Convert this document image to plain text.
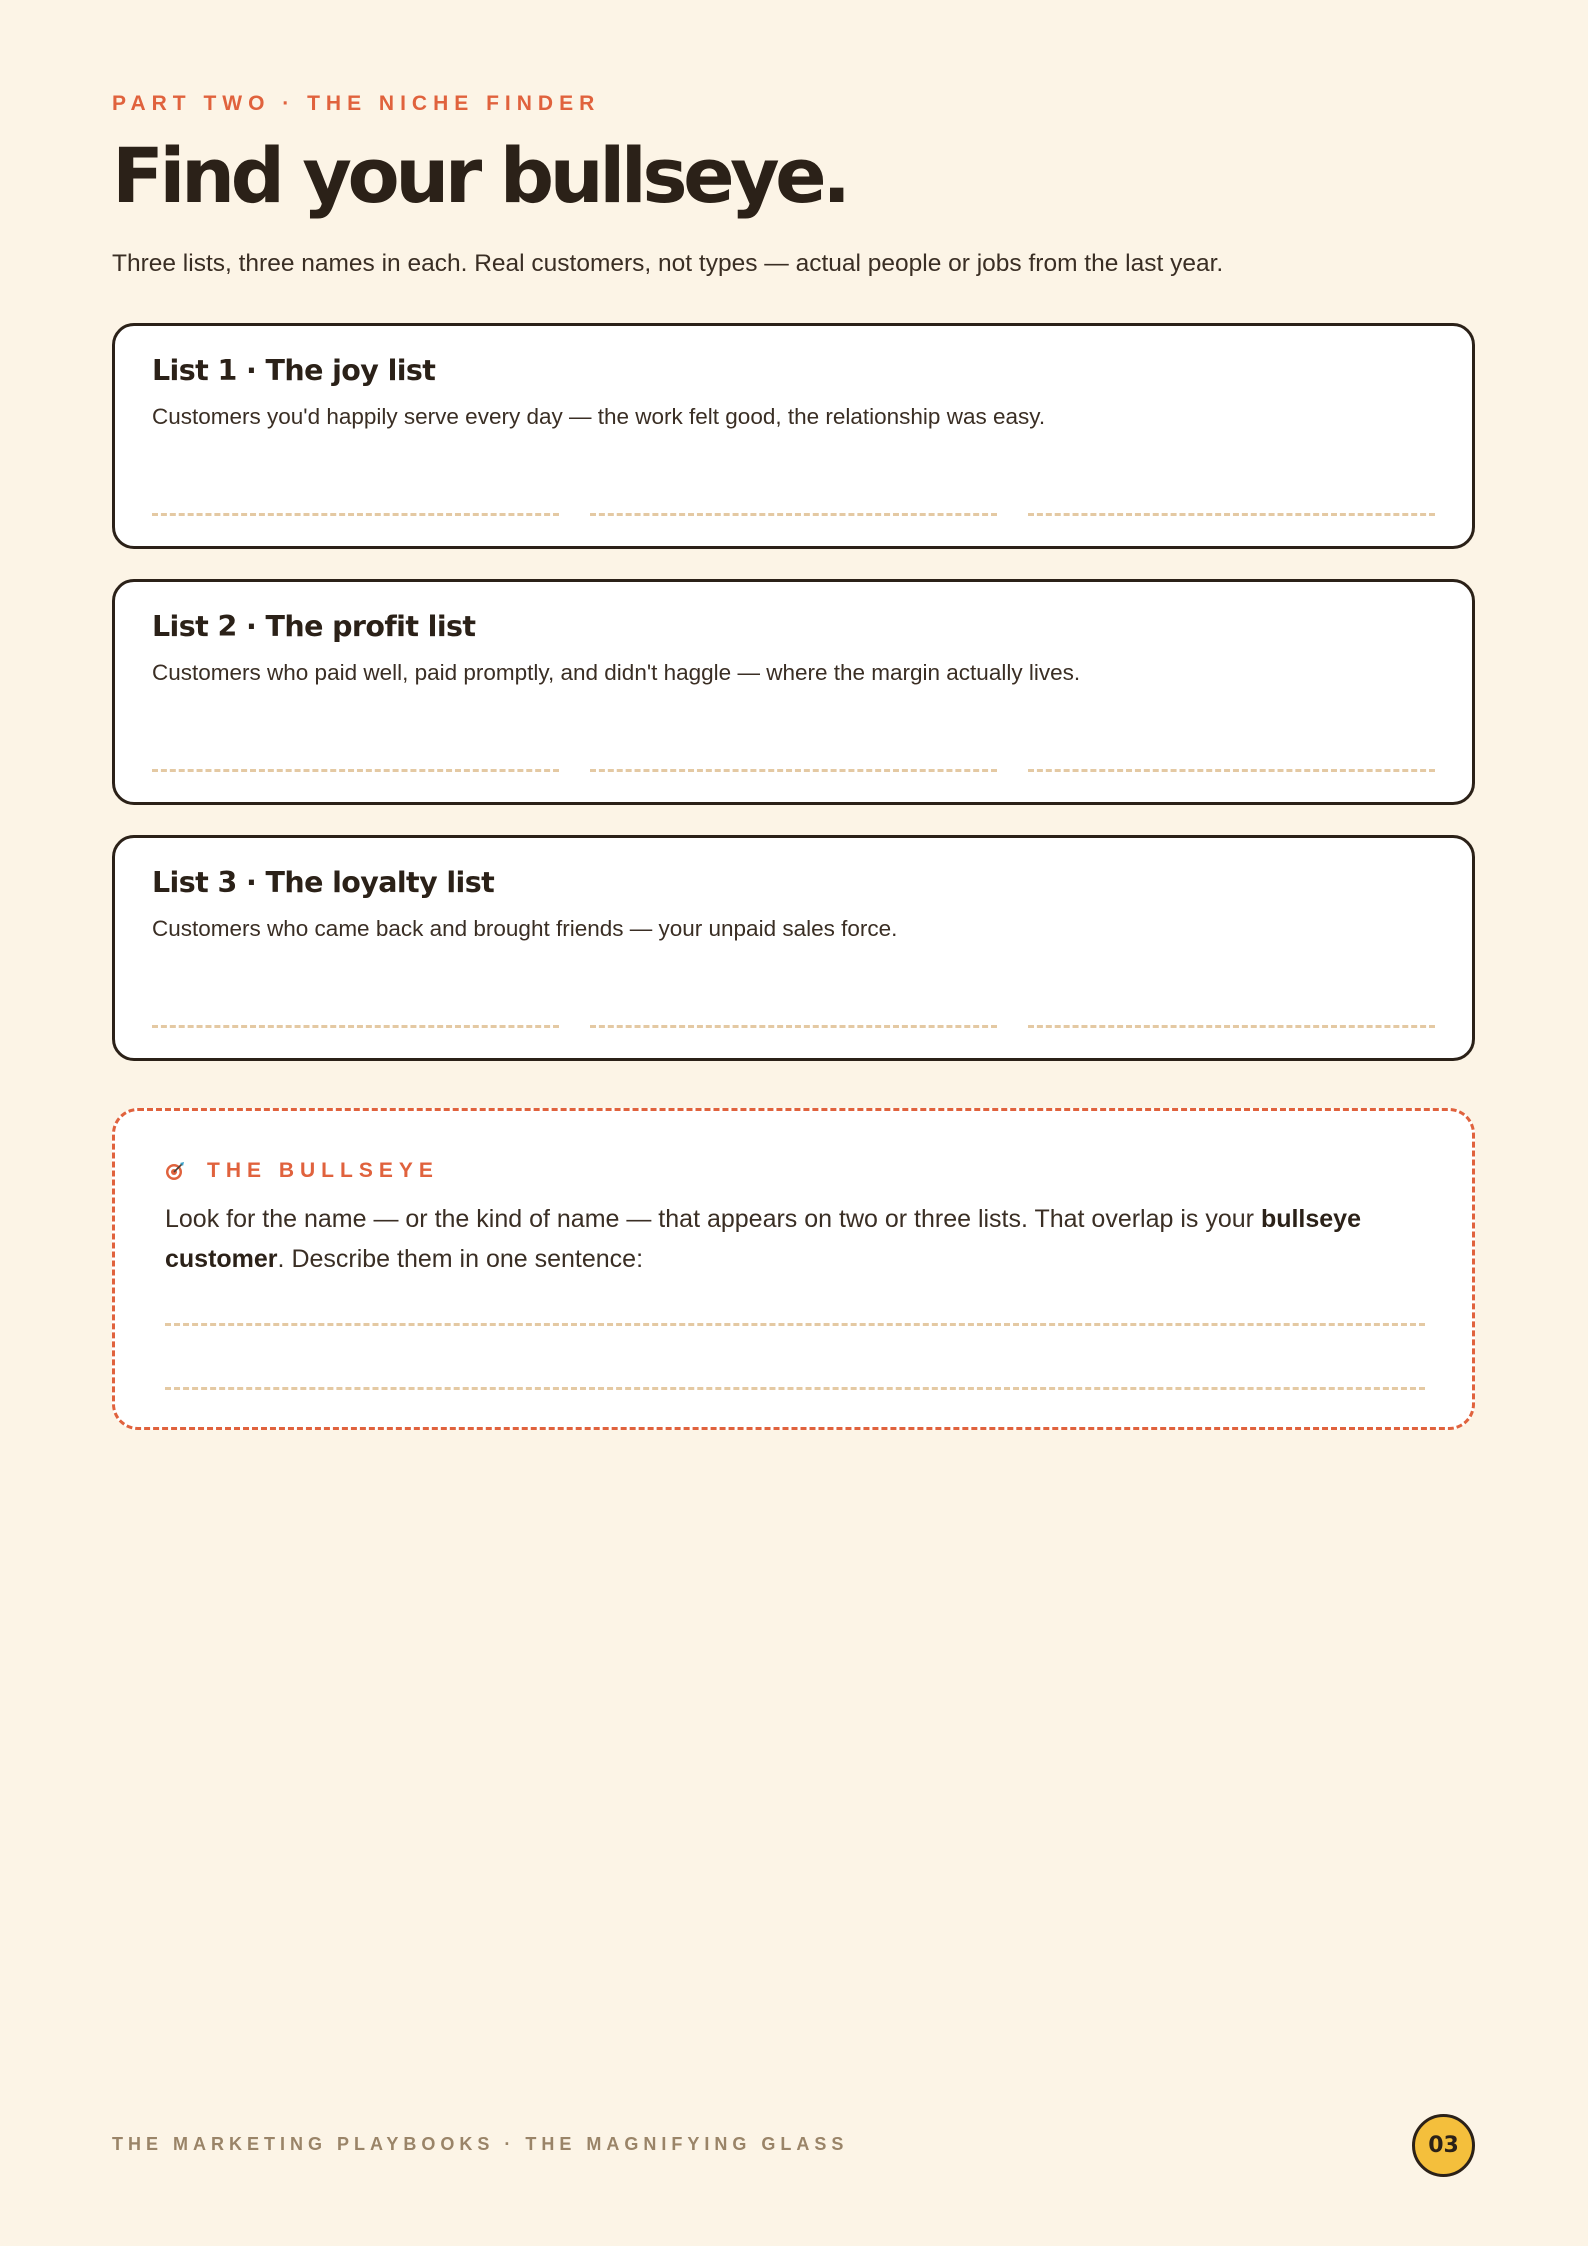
PART TWO · THE NICHE FINDER
Find your bullseye.
Three lists, three names in each. Real customers, not types — actual people or jobs from the last year.
List 1 · The joy list
Customers you'd happily serve every day — the work felt good, the relationship was easy.
List 2 · The profit list
Customers who paid well, paid promptly, and didn't haggle — where the margin actually lives.
List 3 · The loyalty list
Customers who came back and brought friends — your unpaid sales force.
THE BULLSEYE
Look for the name — or the kind of name — that appears on two or three lists. That overlap is your bullseye customer. Describe them in one sentence:
THE MARKETING PLAYBOOKS · THE MAGNIFYING GLASS	03
